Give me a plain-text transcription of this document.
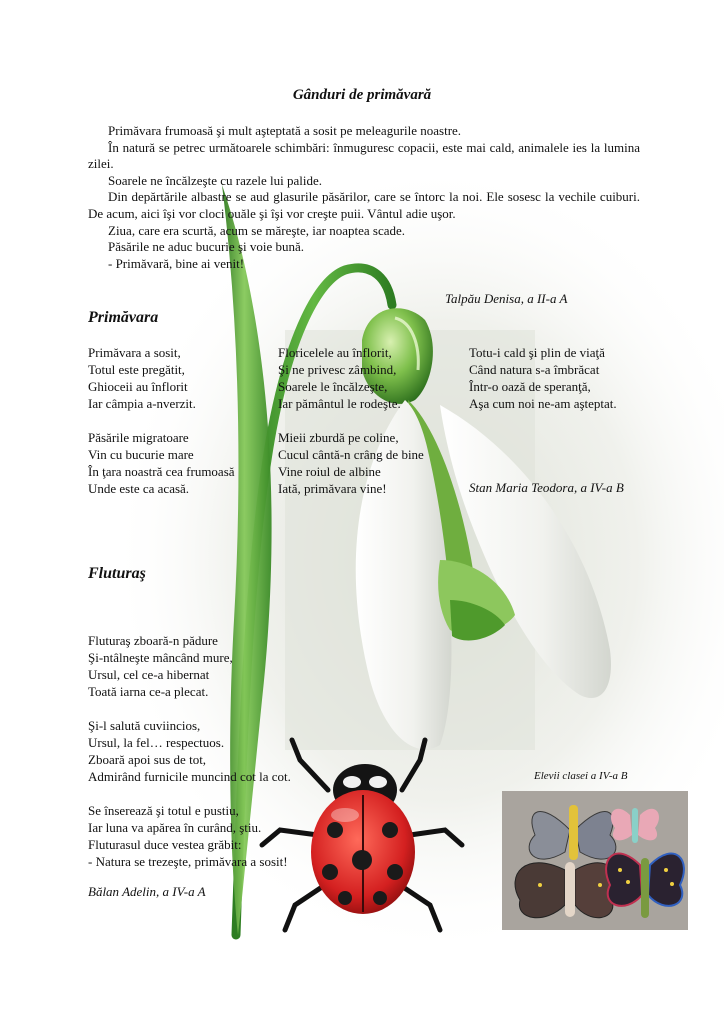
Gânduri de primăvară

Primăvara frumoasă şi mult aşteptată a sosit pe meleagurile noastre.

În natură se petrec următoarele schimbări: înmuguresc copacii, este mai cald, animalele ies la lumina zilei.

Soarele ne încălzeşte cu razele lui palide.

Din depărtările albastre se aud glasurile păsărilor, care se întorc la noi. Ele sosesc la vechile cuiburi. De acum, aici îşi vor cloci ouăle şi îşi vor creşte puii. Vântul adie uşor.

Ziua, care era scurtă, acum se măreşte, iar noaptea scade.

Păsările ne aduc bucurie şi voie bună.

- Primăvară, bine ai venit!

Talpău Denisa, a II-a A
Primăvara
Primăvara a sosit,
Totul este pregătit,
Ghioceii au înflorit
Iar câmpia a-nverzit.
Păsările migratoare
Vin cu bucurie mare
În ţara noastră cea frumoasă
Unde este ca acasă.
Floricelele au înflorit,
Şi ne privesc zâmbind,
Soarele le încălzeşte,
Iar pământul le rodeşte.
Mieii zburdă pe coline,
Cucul cântă-n crâng de bine
Vine roiul de albine
Iată, primăvara vine!
Totu-i cald şi plin de viaţă
Când natura s-a îmbrăcat
Într-o oază de speranţă,
Aşa cum noi ne-am aşteptat.
Stan Maria Teodora, a IV-a B
Fluturaş
Fluturaş zboară-n pădure
Şi-ntâlneşte mâncând mure,
Ursul, cel ce-a hibernat
Toată iarna ce-a plecat.
Şi-l salută cuviincios,
Ursul, la fel… respectuos.
Zboară apoi sus de tot,
Admirând furnicile muncind cot la cot.
Se înserează şi totul e pustiu,
Iar luna va apărea în curând, ştiu.
Fluturasul duce vestea grăbit:
- Natura se trezeşte, primăvara a sosit!
Elevii clasei a IV-a B
Bălan Adelin, a IV-a A
